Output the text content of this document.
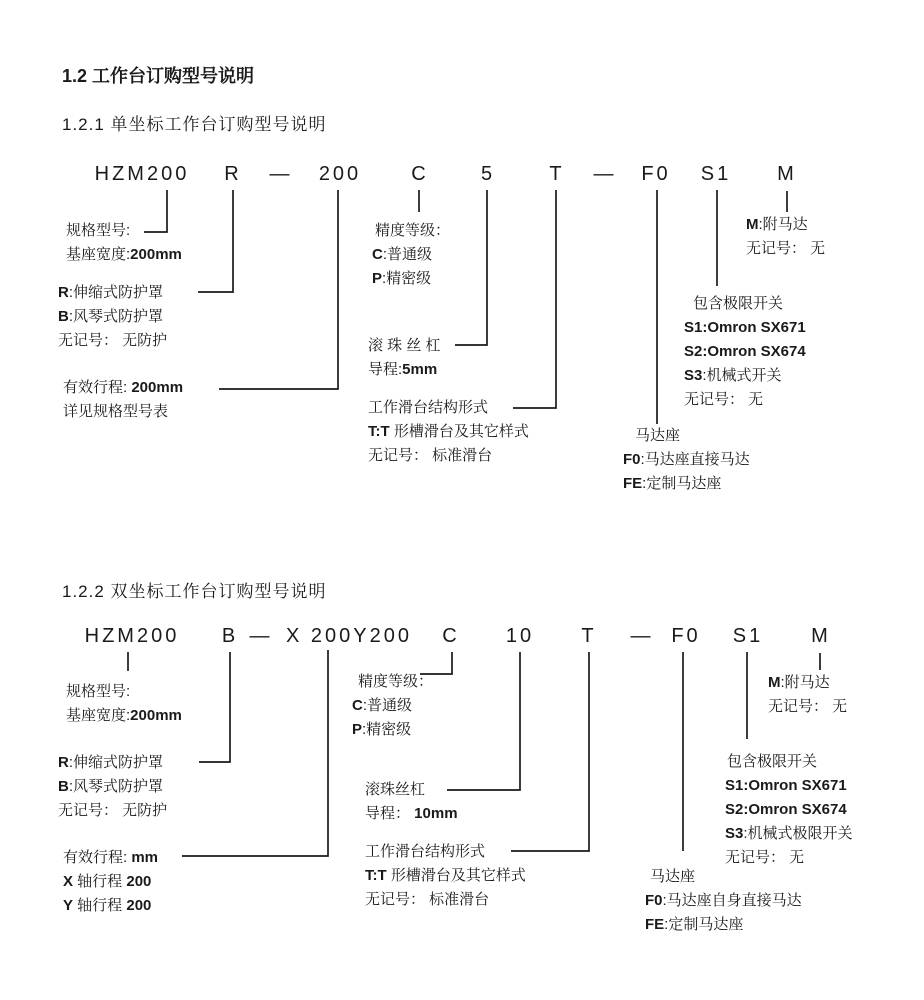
1.2 工作台订购型号说明
1.2.1 单坐标工作台订购型号说明
1.2.2 双坐标工作台订购型号说明
HZM200 R — 200	C	5	T — F0 S1 M
规格型号:
基座宽度:200mm
R:伸缩式防护罩
B:风琴式防护罩
无记号： 无防护
有效行程: 200mm
详见规格型号表
精度等级：
C:普通级
P:精密级
滚 珠 丝 杠
导程:5mm
工作滑台结构形式
T:T 形槽滑台及其它样式
无记号： 标准滑台
M:附马达
无记号： 无
包含极限开关
S1:Omron SX671
S2:Omron SX674
S3:机械式开关
无记号： 无
马达座
F0:马达座直接马达
FE:定制马达座
HZM200 B — X 200Y200 C 10 T — F0 S1 M
规格型号:
基座宽度:200mm
R:伸缩式防护罩
B:风琴式防护罩
无记号： 无防护
有效行程: mm
X 轴行程 200
Y 轴行程 200
精度等级：
C:普通级
P:精密级
滚珠丝杠
导程： 10mm
工作滑台结构形式
T:T 形槽滑台及其它样式
无记号： 标准滑台
M:附马达
无记号： 无
包含极限开关
S1:Omron SX671
S2:Omron SX674
S3:机械式极限开关
无记号： 无
马达座
F0:马达座自身直接马达
FE:定制马达座
